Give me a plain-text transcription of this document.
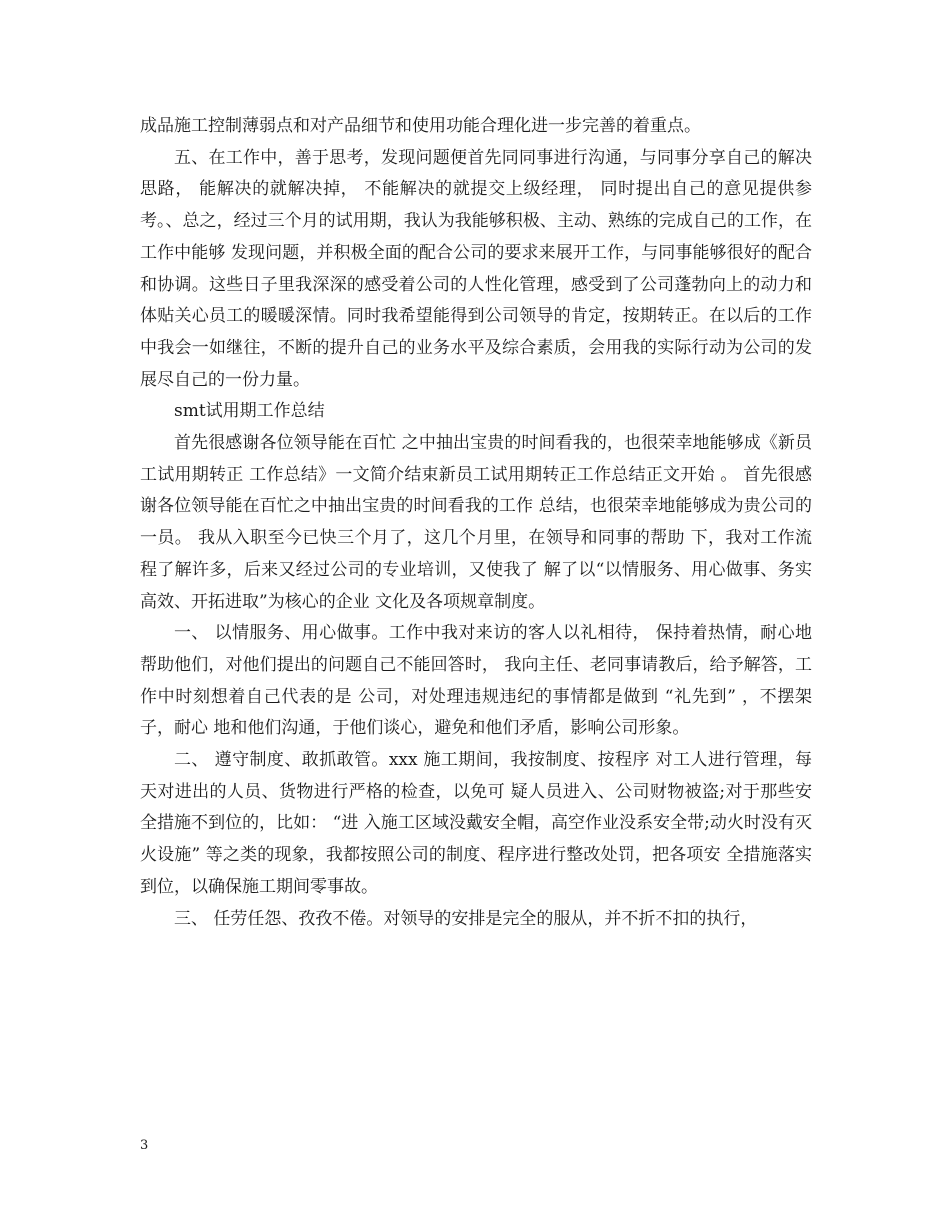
成品施工控制薄弱点和对产品细节和使用功能合理化进一步完善的着重点。

五、在工作中，善于思考，发现问题便首先同同事进行沟通，与同事分享自己的解决思路， 能解决的就解决掉， 不能解决的就提交上级经理， 同时提出自己的意见提供参考。、总之，经过三个月的试用期，我认为我能够积极、主动、熟练的完成自己的工作，在工作中能够 发现问题，并积极全面的配合公司的要求来展开工作，与同事能够很好的配合和协调。这些日子里我深深的感受着公司的人性化管理，感受到了公司蓬勃向上的动力和体贴关心员工的暖暖深情。同时我希望能得到公司领导的肯定，按期转正。在以后的工作中我会一如继往，不断的提升自己的业务水平及综合素质，会用我的实际行动为公司的发展尽自己的一份力量。

smt试用期工作总结

首先很感谢各位领导能在百忙 之中抽出宝贵的时间看我的，也很荣幸地能够成《新员工试用期转正 工作总结》一文简介结束新员工试用期转正工作总结正文开始 。 首先很感谢各位领导能在百忙之中抽出宝贵的时间看我的工作 总结，也很荣幸地能够成为贵公司的一员。 我从入职至今已快三个月了，这几个月里，在领导和同事的帮助 下，我对工作流程了解许多，后来又经过公司的专业培训，又使我了 解了以“以情服务、用心做事、务实高效、开拓进取”为核心的企业 文化及各项规章制度。

一、 以情服务、用心做事。工作中我对来访的客人以礼相待， 保持着热情，耐心地帮助他们，对他们提出的问题自己不能回答时， 我向主任、老同事请教后，给予解答，工作中时刻想着自己代表的是 公司，对处理违规违纪的事情都是做到 “礼先到” ，不摆架子，耐心 地和他们沟通，于他们谈心，避免和他们矛盾，影响公司形象。

二、 遵守制度、敢抓敢管。xxx 施工期间，我按制度、按程序 对工人进行管理，每天对进出的人员、货物进行严格的检查，以免可 疑人员进入、公司财物被盗;对于那些安全措施不到位的，比如： “进 入施工区域没戴安全帽，高空作业没系安全带;动火时没有灭火设施” 等之类的现象，我都按照公司的制度、程序进行整改处罚，把各项安 全措施落实到位，以确保施工期间零事故。

三、 任劳任怨、孜孜不倦。对领导的安排是完全的服从，并不折不扣的执行，

3
